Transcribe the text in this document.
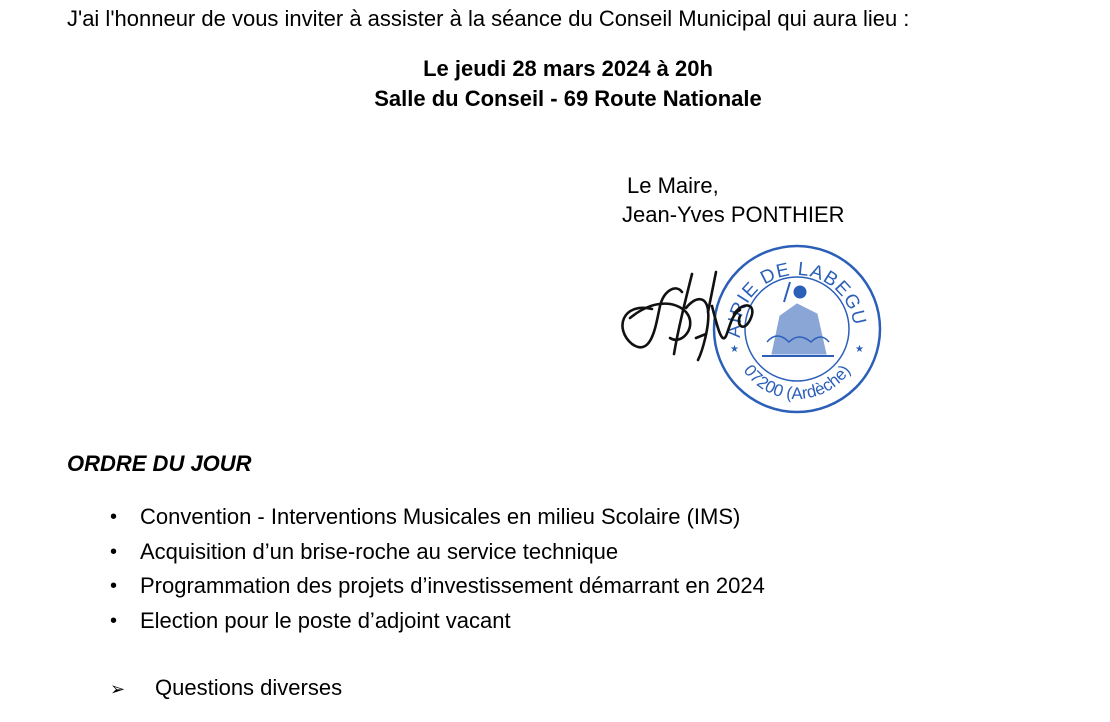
J'ai l'honneur de vous inviter à assister à la séance du Conseil Municipal qui aura lieu :
Le jeudi 28 mars 2024 à 20h
Salle du Conseil - 69 Route Nationale
Le Maire,
Jean-Yves PONTHIER
AIRIE DE LABEGU
07200 (Ardèche)
★	★
ORDRE DU JOUR
• Convention - Interventions Musicales en milieu Scolaire (IMS)
• Acquisition d’un brise-roche au service technique
• Programmation des projets d’investissement démarrant en 2024
• Election pour le poste d’adjoint vacant
➢ Questions diverses
